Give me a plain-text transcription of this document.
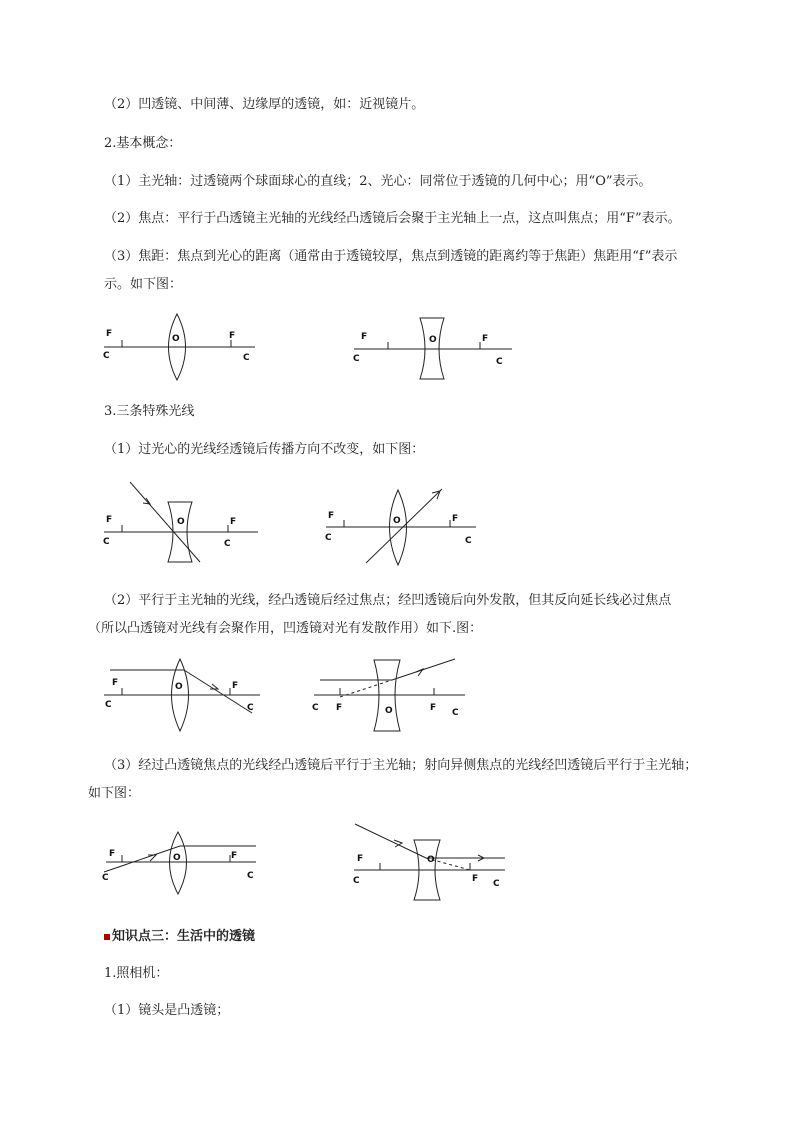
（2）凹透镜、中间薄、边缘厚的透镜，如：近视镜片。
2.基本概念：
（1）主光轴：过透镜两个球面球心的直线；2、光心：同常位于透镜的几何中心；用“O”表示。
（2）焦点：平行于凸透镜主光轴的光线经凸透镜后会聚于主光轴上一点，这点叫焦点；用“F”表示。
（3）焦距：焦点到光心的距离（通常由于透镜较厚，焦点到透镜的距离约等于焦距）焦距用“f”表示
示。如下图：
F
C
O	F
C
F
C
O	F
C
3.三条特殊光线
（1）过光心的光线经透镜后传播方向不改变，如下图：
F
C
O	F
C
F
C
O	F
C
（2）平行于主光轴的光线，经凸透镜后经过焦点；经凹透镜后向外发散，但其反向延长线必过焦点
（所以凸透镜对光线有会聚作用，凹透镜对光有发散作用）如下.图：
F
C
O	F
C	C F	O	F C
（3）经过凸透镜焦点的光线经凸透镜后平行于主光轴；射向异侧焦点的光线经凹透镜后平行于主光轴；
如下图：
F
C
O	F
C
F
C
O
F C
知识点三：生活中的透镜
1.照相机：
（1）镜头是凸透镜；
